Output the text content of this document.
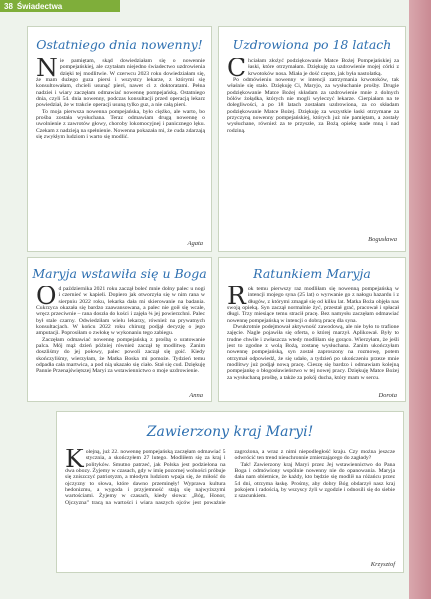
38 Świadectwa
Ostatniego dnia nowenny!
N ie pamiętam, skąd dowiedziałam się o nowennie pompejańskiej, ale czytałam niejedno świadectwo uzdrowienia dzięki tej modlitwie. W czerwcu 2023 roku dowiedziałam się, że mam dużego guza piersi i wszystcy lekarze, z którymi się konsultowałam, chcieli usunąć pierś, nawet ci z doktoratami. Pełna nadziei i wiary zaczęłam odmawiać nowennę pompejańską. Ostatniego dnia, czyli 54. dnia nowenny, podczas konsultacji przed operacją lekarz powiedział, że w trakcie operacji usuną tylko guz, a nie całą pierś.

To moja pierwsza nowenna pompejańska, było ciężko, ale warto, bo prośba została wysłuchana. Teraz odmawiam drugą nowennę o uwolnienie z zawrotów głowy, choroby lokomocyjnej i panicznego lęku. Czekam z nadzieją na spełnienie. Nowenna pokazała mi, że cuda zdarzają się zwykłym ludziom i warto się modlić.

Agata
Uzdrowiona po 18 latach
C hciałam złożyć podziękowanie Matce Bożej Pompejańskiej za łaski, które otrzymałam. Dziękuję za uzdrowienie mojej córki z krwotoków nosa. Miała je dość często, jak była nastolatką.

Po odmówieniu nowenny w intencji zatrzymania krwotoków, tak właśnie się stało. Dziękuję Ci, Maryjo, za wysłuchanie prośby. Drugie podziękowanie Matce Bożej składam za uzdrowienie mnie z dolnych bólów żołądka, których nie mogli wyleczyć lekarze. Cierpiałam na te dolegliwości, a po 18 latach zostałam uzdrowiona, za co składam podziękowanie Matce Bożej. Dziękuję za wszystkie łaski otrzymane za przyczyną nowenny pompejańskiej, których już nie pamiętam, a zostały wysłuchane, również za te przyszłe, za Bożą opiekę nade mną i nad rodziną.

Bogusława
Maryja wstawiła się u Boga
O d października 2021 roku zaczął boleć mnie dolny palec u nogi i czernieć w kapieli. Dopiero jak otworzyła się w nim rana w sierpniu 2022 roku, lekarka dała mi skierowanie na badania. Cukrzyca okazała się bardzo zaawansowana, a palec nie goił się wcale, wręcz przeciwnie – rana doszła do kości i zajęła ¾ jej powierzchni. Palec był stale czarny. Odwiedziłam wielu lekarzy, również na prywatnych konsultacjach. W końcu 2022 roku chirurg podjął decyzję o jego amputacji. Poprosiłam o zwłokę w wykonaniu tego zabiegu.

Zaczęłam odmawiać nowennę pompejańską z prośbą o uratowanie palca. Mój mąż dzień później również zaczął tę modlitwę. Zanim doszliśmy do jej połowy, palec powoli zaczął się goić. Kiedy skończyliśmy, wierzyłam, że Matka Boska mi pomoże. Tydzień temu odpadła cała martwica, a pod nią ukazało się ciało. Stał się cud. Dziękuję Pannie Przenajświętszej Maryi za wstawiennictwo o moje uzdrowienie.

Anna
Ratunkiem Maryja
R ok temu pierwszy raz modliłam się nowenną pompejańską w intencji mojego syna (25 lat) o wyrwanie go z nałogu hazardu i z długów, z którymi zmagał się od kilku lat. Matka Boża objęła nas swoją opieką. Syn zaczął normalnie żyć, przestał grać, pracował i spłacał długi. Trzy miesiące temu stracił pracę. Bez namysłu zaczęłam odmawiać nowennę pompejańską w intencji o dobrą pracę dla syna.

Dwukrotnie podejmował aktywność zawodową, ale nie było to trafione zajęcie. Nagle pojawiła się oferta, o której marzył. Aplikował. Były to trudne chwile i zwłaszcza wtedy modliłam się gorąco. Wierzyłam, że jeśli jest to zgodne z wolą Bożą, zostanę wysłuchana. Zanim ukończyłam nowennę pompejańską, syn został zaproszony na rozmowę, potem otrzymał odpowiedź, że się udało, a tydzień po ukończeniu przeze mnie modlitwy już podjął nową pracę. Cieszę się bardzo i odmawiam kolejną pompejankę o błogosławieństwo w tej nowej pracy. Dziękuję Matce Bożej za wysłuchaną prośbę, a także za pokój ducha, który mam w sercu.

Dorota
Zawierzony kraj Maryi!
K olejną, już 22. nowennę pompejańską zaczęłam odmawiać 5 stycznia, a skończyłem 27 lutego. Modliłem się za kraj i polityków. Smutno patrzeć, jak Polska jest podzielona na dwa obozy. Żyjemy w czasach, gdy w imię pozornej wolności próbuje się zniszczyć patriotyzm, a młodym ludziom wpaja się, że miłość do ojczyzny to słowa, które dawno przeminęły! Wyprawa kultura hedonizmu, a wygoda i przyjemność stają się najwyższymi wartościami. Żyjemy w czasach, kiedy słowa: „Bóg, Honor, Ojczyzna” tracą na wartości i wiara naszych ojców jest poważnie zagrożona, a wraz z nimi niepodległość kraju. Czy można jeszcze odwrócić ten trend nieuchronnie zmierzającego do zagłady?

Tak! Zawierzony kraj Maryi przez Jej wstawiennictwo do Pana Boga i odmówiony wspólnie nowenny nie do opanowania. Maryja dała nam obietnice, że każdy, kto będzie się modlił na różańcu przez 54 dni, otrzyma łaskę. Prośmy, aby dobry Bóg obdarzył nasz kraj pokojem i radością, by wszyscy żyli w zgodzie i odnosili się do siebie z szacunkiem.

Krzysztof
